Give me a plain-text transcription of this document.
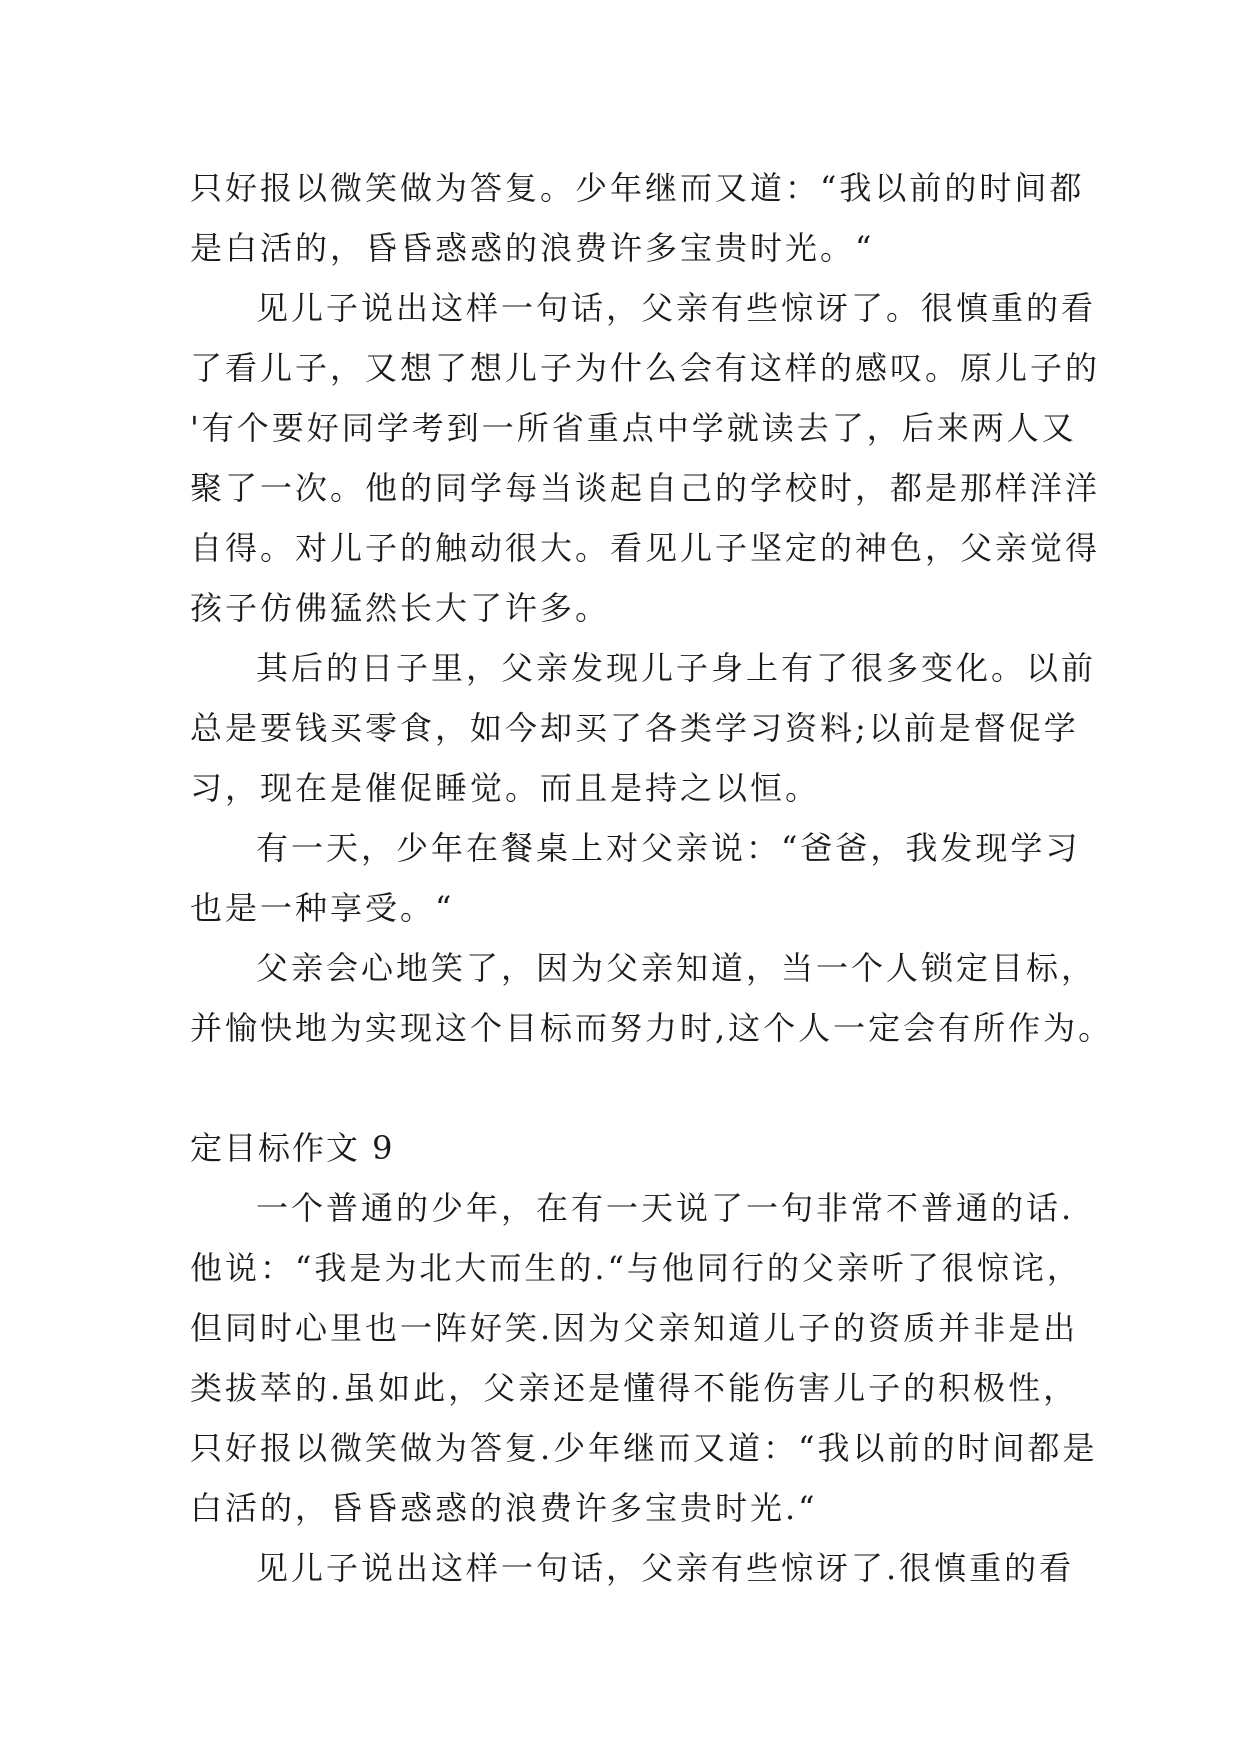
只好报以微笑做为答复。少年继而又道：“我以前的时间都
是白活的，昏昏惑惑的浪费许多宝贵时光。“
见儿子说出这样一句话，父亲有些惊讶了。很慎重的看
了看儿子，又想了想儿子为什么会有这样的感叹。原儿子的
'有个要好同学考到一所省重点中学就读去了，后来两人又
聚了一次。他的同学每当谈起自己的学校时，都是那样洋洋
自得。对儿子的触动很大。看见儿子坚定的神色，父亲觉得
孩子仿佛猛然长大了许多。
其后的日子里，父亲发现儿子身上有了很多变化。以前
总是要钱买零食，如今却买了各类学习资料;以前是督促学
习，现在是催促睡觉。而且是持之以恒。
有一天，少年在餐桌上对父亲说：“爸爸，我发现学习
也是一种享受。“
父亲会心地笑了，因为父亲知道，当一个人锁定目标，
并愉快地为实现这个目标而努力时,这个人一定会有所作为。
定目标作文 9
一个普通的少年，在有一天说了一句非常不普通的话.
他说：“我是为北大而生的.“与他同行的父亲听了很惊诧，
但同时心里也一阵好笑.因为父亲知道儿子的资质并非是出
类拔萃的.虽如此，父亲还是懂得不能伤害儿子的积极性，
只好报以微笑做为答复.少年继而又道：“我以前的时间都是
白活的，昏昏惑惑的浪费许多宝贵时光.“
见儿子说出这样一句话，父亲有些惊讶了.很慎重的看
